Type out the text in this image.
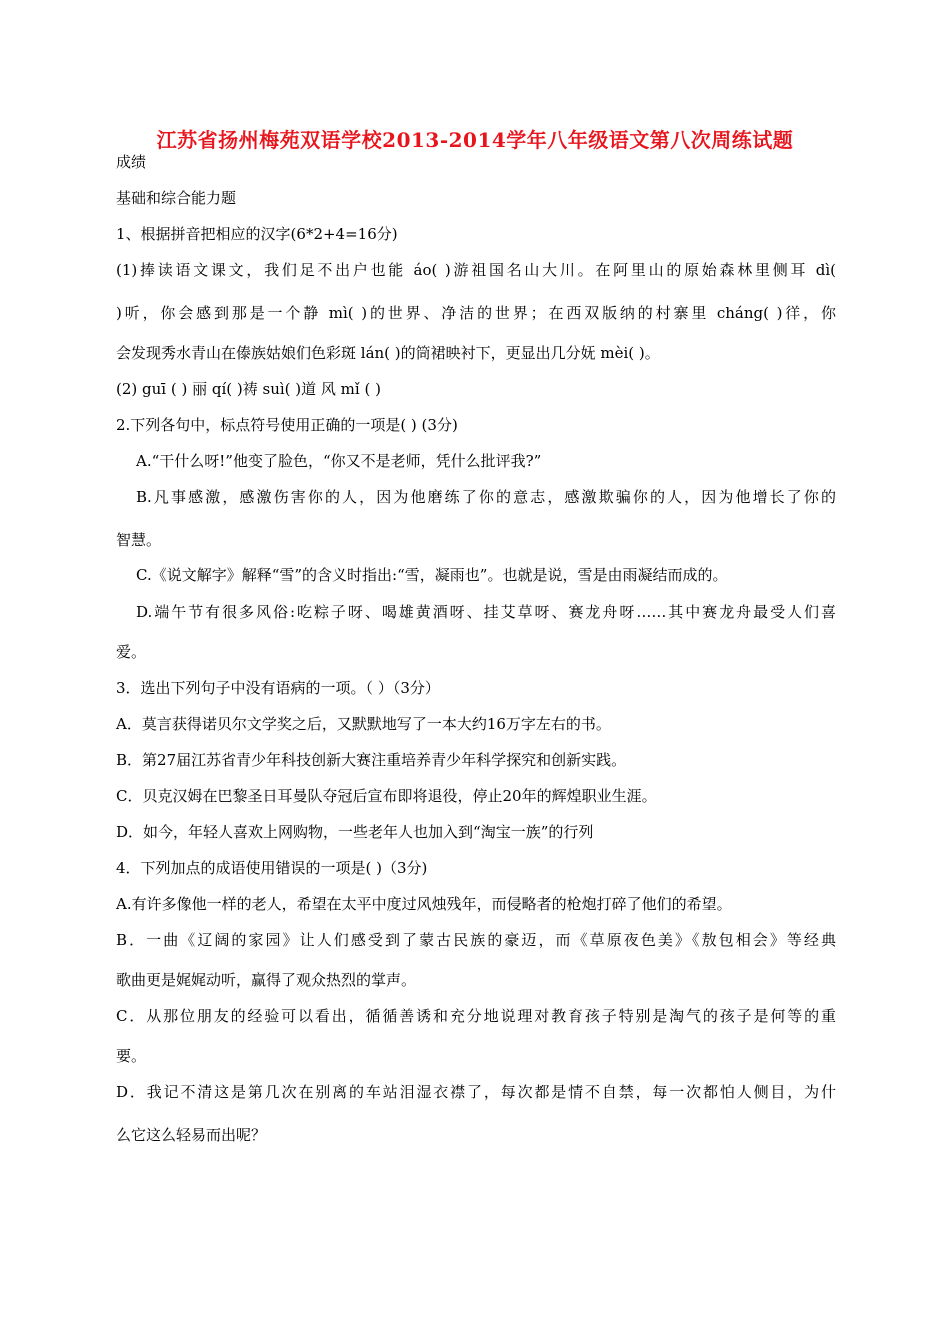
江苏省扬州梅苑双语学校2013-2014学年八年级语文第八次周练试题
成绩
基础和综合能力题
1、根据拼音把相应的汉字(6*2+4=16分)
(1)捧读语文课文，我们足不出户也能 áo( )游祖国名山大川。在阿里山的原始森林里侧耳 dì(
)听，你会感到那是一个静 mì( )的世界、净洁的世界；在西双版纳的村寨里 cháng( )徉，你
会发现秀水青山在傣族姑娘们色彩斑 lán( )的筒裙映衬下，更显出几分妩 mèi( )。
(2) guī ( ) 丽 qí( )祷 suì( )道 风 mǐ ( )
2.下列各句中，标点符号使用正确的一项是( ) (3分)
A.“干什么呀!”他变了脸色，“你又不是老师，凭什么批评我?”
B.凡事感激，感激伤害你的人，因为他磨练了你的意志，感激欺骗你的人，因为他增长了你的
智慧。
C.《说文解字》解释“雪”的含义时指出:“雪，凝雨也”。也就是说，雪是由雨凝结而成的。
D.端午节有很多风俗:吃粽子呀、喝雄黄酒呀、挂艾草呀、赛龙舟呀……其中赛龙舟最受人们喜
爱。
3．选出下列句子中没有语病的一项。（ ）（3分）
A．莫言获得诺贝尔文学奖之后，又默默地写了一本大约16万字左右的书。
B．第27届江苏省青少年科技创新大赛注重培养青少年科学探究和创新实践。
C．贝克汉姆在巴黎圣日耳曼队夺冠后宣布即将退役，停止20年的辉煌职业生涯。
D．如今，年轻人喜欢上网购物，一些老年人也加入到“淘宝一族”的行列
4．下列加点的成语使用错误的一项是( )（3分)
A.有许多像他一样的老人，希望在太平中度过风烛残年，而侵略者的枪炮打碎了他们的希望。
B．一曲《辽阔的家园》让人们感受到了蒙古民族的豪迈，而《草原夜色美》《敖包相会》等经典
歌曲更是娓娓动听，赢得了观众热烈的掌声。
C．从那位朋友的经验可以看出，循循善诱和充分地说理对教育孩子特别是淘气的孩子是何等的重
要。
D．我记不清这是第几次在别离的车站泪湿衣襟了，每次都是情不自禁，每一次都怕人侧目，为什
么它这么轻易而出呢？
